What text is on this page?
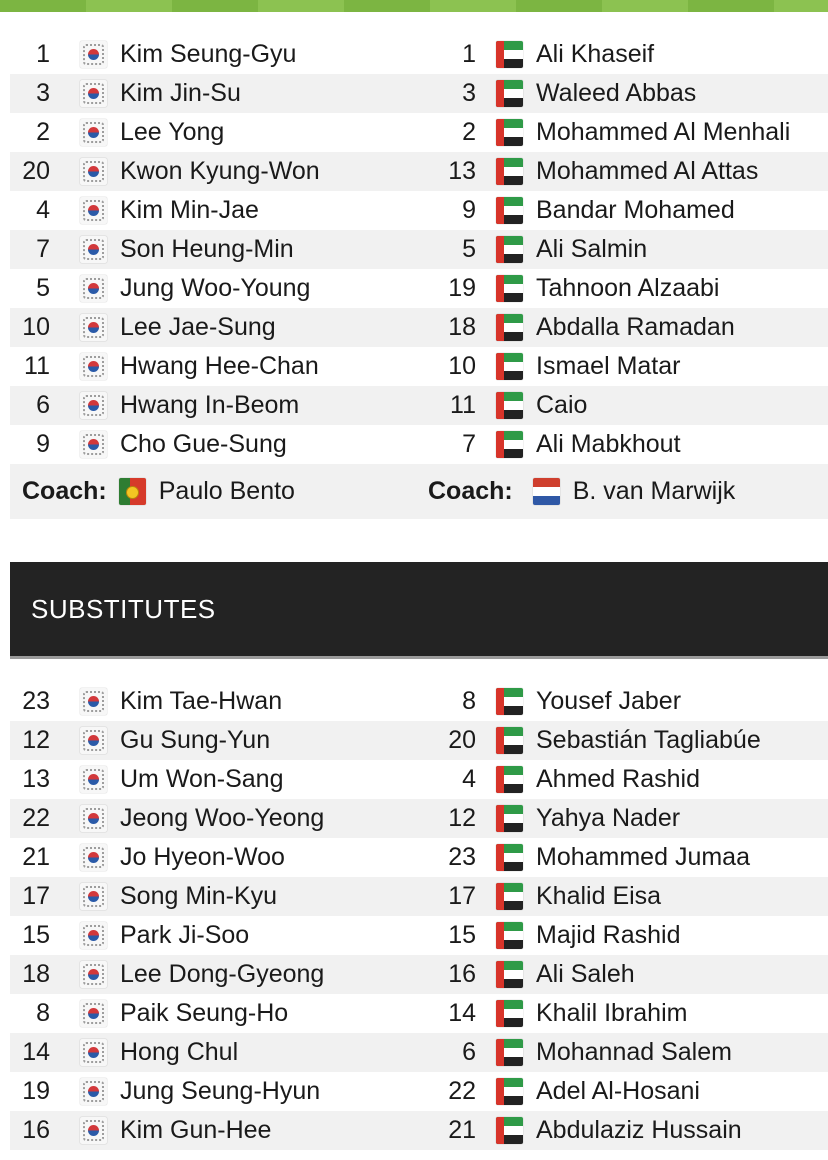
1	Kim Seung-Gyu	1 Ali Khaseif
3	Kim Jin-Su	3 Waleed Abbas
2	Lee Yong	2 Mohammed Al Menhali
20	Kwon Kyung-Won	13 Mohammed Al Attas
4	Kim Min-Jae	9 Bandar Mohamed
7	Son Heung-Min	5 Ali Salmin
5	Jung Woo-Young	19 Tahnoon Alzaabi
10	Lee Jae-Sung	18 Abdalla Ramadan
11	Hwang Hee-Chan	10 Ismael Matar
6	Hwang In-Beom	11 Caio
9	Cho Gue-Sung	7 Ali Mabkhout
Coach: Paulo Bento	Coach: B. van Marwijk
SUBSTITUTES
23	Kim Tae-Hwan	8 Yousef Jaber
12	Gu Sung-Yun	20 Sebastián Tagliabúe
13	Um Won-Sang	4 Ahmed Rashid
22	Jeong Woo-Yeong	12 Yahya Nader
21	Jo Hyeon-Woo	23 Mohammed Jumaa
17	Song Min-Kyu	17 Khalid Eisa
15	Park Ji-Soo	15 Majid Rashid
18	Lee Dong-Gyeong	16 Ali Saleh
8	Paik Seung-Ho	14 Khalil Ibrahim
14	Hong Chul	6 Mohannad Salem
19	Jung Seung-Hyun	22 Adel Al-Hosani
16	Kim Gun-Hee	21 Abdulaziz Hussain
